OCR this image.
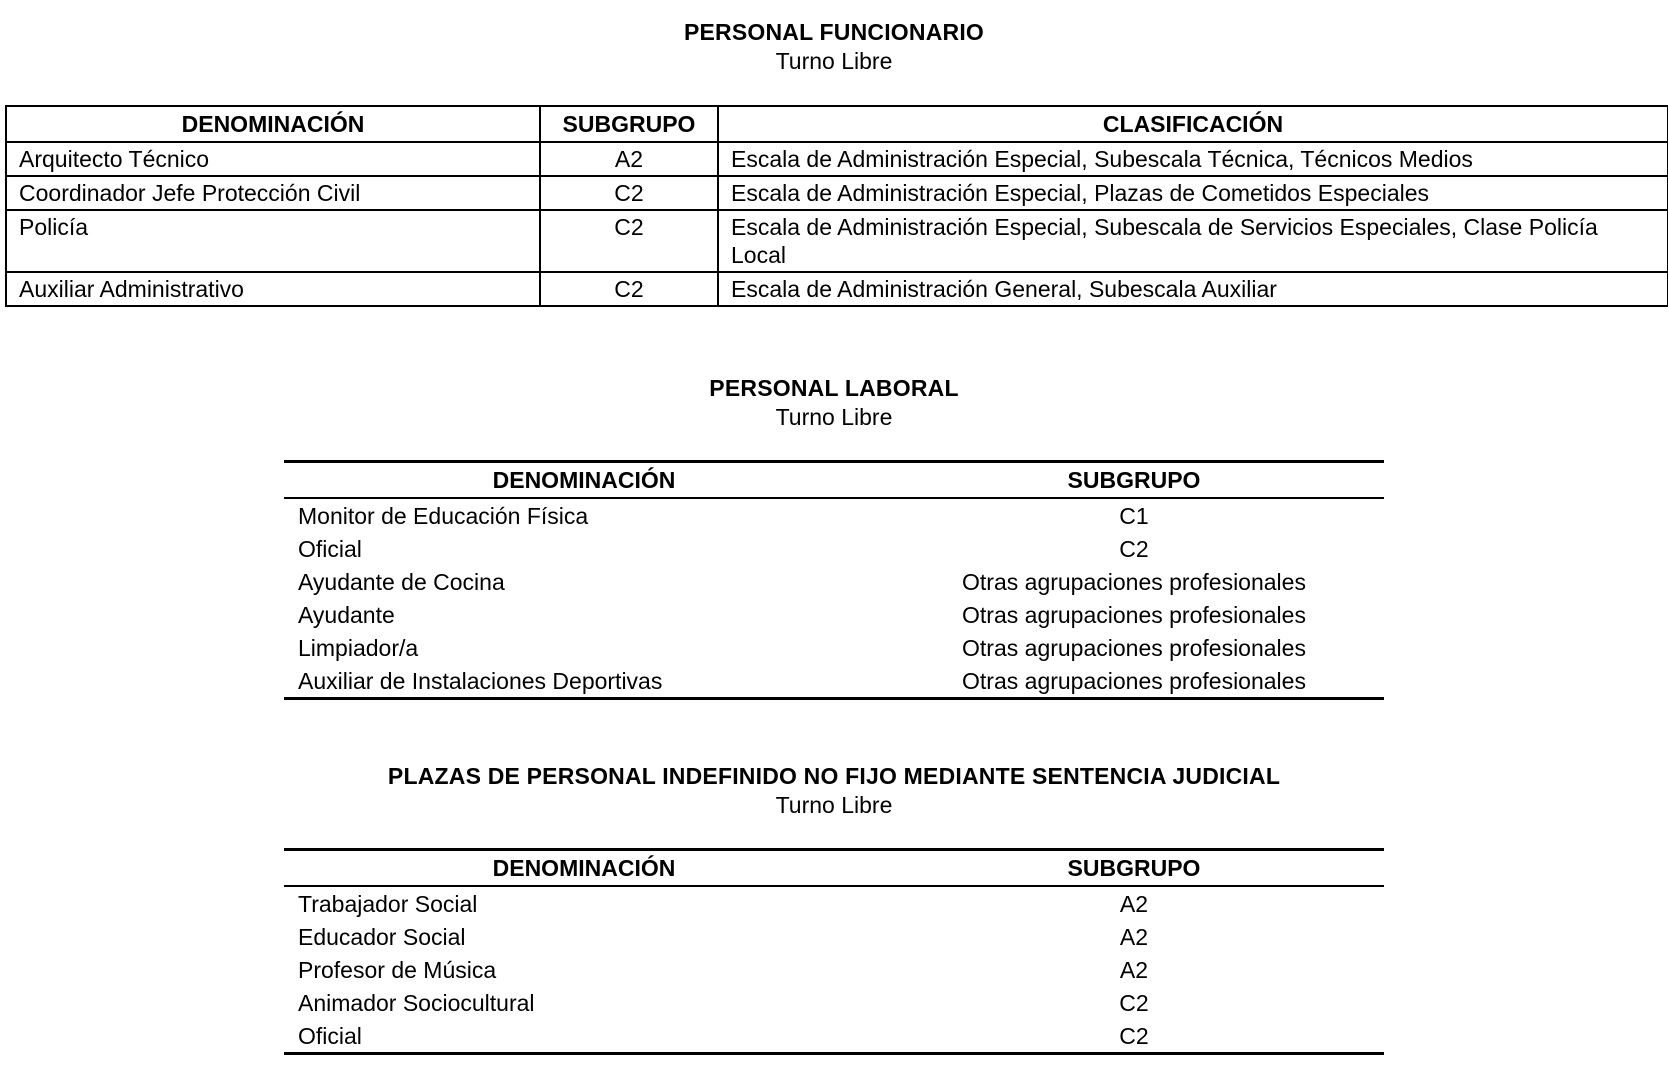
PERSONAL FUNCIONARIO
Turno Libre
DENOMINACIÓN	SUBGRUPO	CLASIFICACIÓN
Arquitecto Técnico	A2	Escala de Administración Especial, Subescala Técnica, Técnicos Medios
Coordinador Jefe Protección Civil	C2	Escala de Administración Especial, Plazas de Cometidos Especiales
Policía	C2	Escala de Administración Especial, Subescala de Servicios Especiales, Clase Policía Local
Auxiliar Administrativo	C2	Escala de Administración General, Subescala Auxiliar
PERSONAL LABORAL
Turno Libre
DENOMINACIÓN	SUBGRUPO
Monitor de Educación Física	C1
Oficial	C2
Ayudante de Cocina	Otras agrupaciones profesionales
Ayudante	Otras agrupaciones profesionales
Limpiador/a	Otras agrupaciones profesionales
Auxiliar de Instalaciones Deportivas	Otras agrupaciones profesionales
PLAZAS DE PERSONAL INDEFINIDO NO FIJO MEDIANTE SENTENCIA JUDICIAL
Turno Libre
DENOMINACIÓN	SUBGRUPO
Trabajador Social	A2
Educador Social	A2
Profesor de Música	A2
Animador Sociocultural	C2
Oficial	C2
